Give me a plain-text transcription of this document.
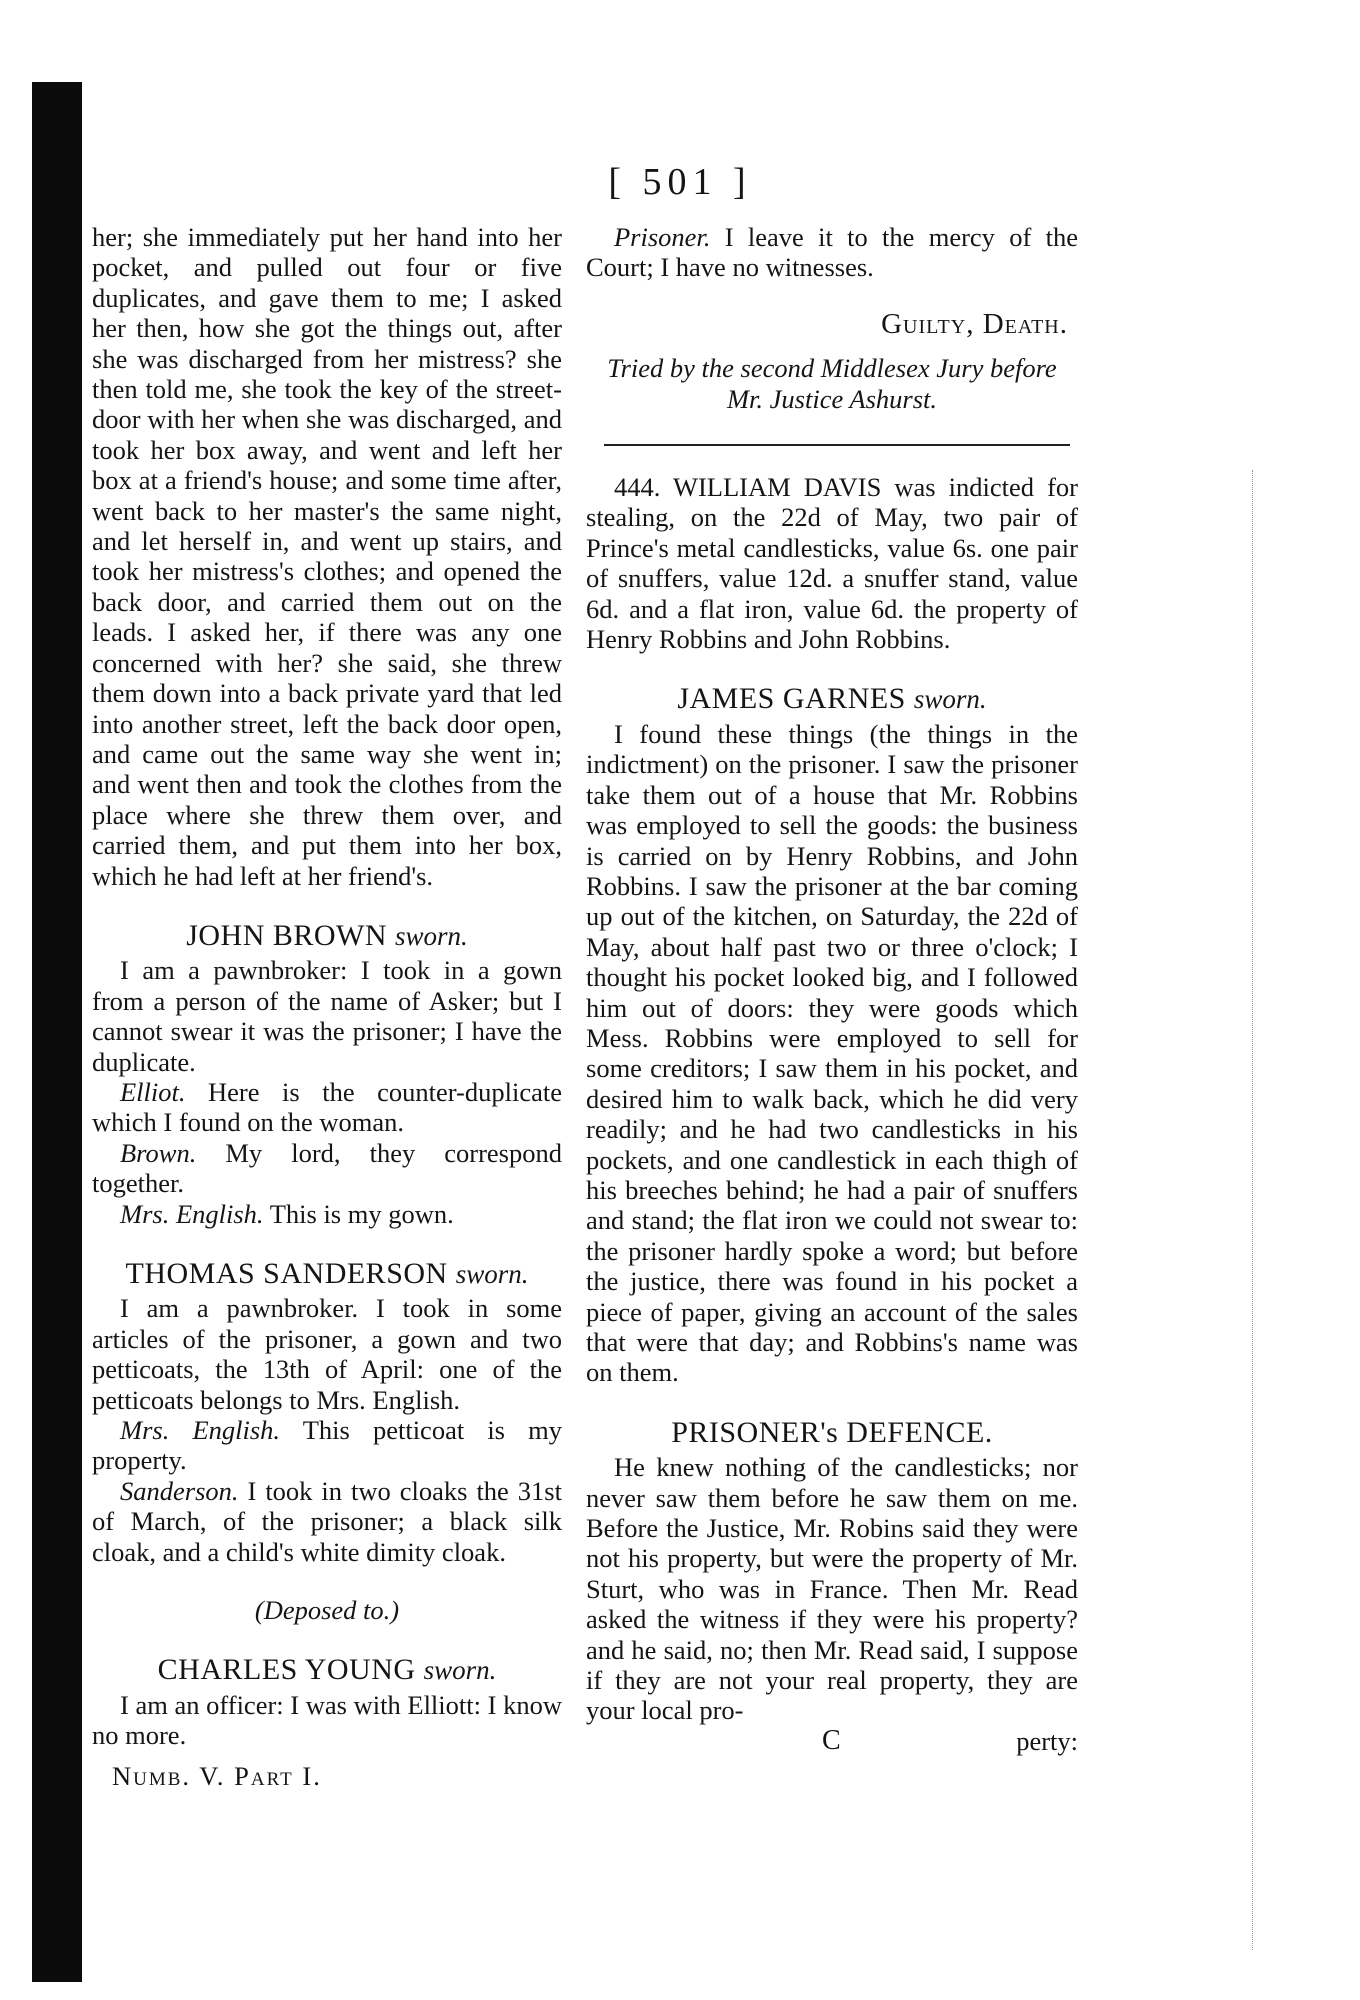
[ 501 ]

her; she immediately put her hand into her pocket, and pulled out four or five duplicates, and gave them to me; I asked her then, how she got the things out, after she was discharged from her mistress? she then told me, she took the key of the street-door with her when she was discharged, and took her box away, and went and left her box at a friend's house; and some time after, went back to her master's the same night, and let herself in, and went up stairs, and took her mistress's clothes; and opened the back door, and carried them out on the leads. I asked her, if there was any one concerned with her? she said, she threw them down into a back private yard that led into another street, left the back door open, and came out the same way she went in; and went then and took the clothes from the place where she threw them over, and carried them, and put them into her box, which he had left at her friend's.

JOHN BROWN sworn.

I am a pawnbroker: I took in a gown from a person of the name of Asker; but I cannot swear it was the prisoner; I have the duplicate.

Elliot. Here is the counter-duplicate which I found on the woman.

Brown. My lord, they correspond together.

Mrs. English. This is my gown.

THOMAS SANDERSON sworn.

I am a pawnbroker. I took in some articles of the prisoner, a gown and two petticoats, the 13th of April: one of the petticoats belongs to Mrs. English.

Mrs. English. This petticoat is my property.

Sanderson. I took in two cloaks the 31st of March, of the prisoner; a black silk cloak, and a child's white dimity cloak.

(Deposed to.)
CHARLES YOUNG sworn.

I am an officer: I was with Elliott: I know no more.

Numb. V. Part I.

Prisoner. I leave it to the mercy of the Court; I have no witnesses.

Guilty, Death.
Tried by the second Middlesex Jury before
Mr. Justice Ashurst.

444. WILLIAM DAVIS was indicted for stealing, on the 22d of May, two pair of Prince's metal candlesticks, value 6s. one pair of snuffers, value 12d. a snuffer stand, value 6d. and a flat iron, value 6d. the property of Henry Robbins and John Robbins.

JAMES GARNES sworn.

I found these things (the things in the indictment) on the prisoner. I saw the prisoner take them out of a house that Mr. Robbins was employed to sell the goods: the business is carried on by Henry Robbins, and John Robbins. I saw the prisoner at the bar coming up out of the kitchen, on Saturday, the 22d of May, about half past two or three o'clock; I thought his pocket looked big, and I followed him out of doors: they were goods which Mess. Robbins were employed to sell for some creditors; I saw them in his pocket, and desired him to walk back, which he did very readily; and he had two candlesticks in his pockets, and one candlestick in each thigh of his breeches behind; he had a pair of snuffers and stand; the flat iron we could not swear to: the prisoner hardly spoke a word; but before the justice, there was found in his pocket a piece of paper, giving an account of the sales that were that day; and Robbins's name was on them.

PRISONER's DEFENCE.

He knew nothing of the candlesticks; nor never saw them before he saw them on me. Before the Justice, Mr. Robins said they were not his property, but were the property of Mr. Sturt, who was in France. Then Mr. Read asked the witness if they were his property? and he said, no; then Mr. Read said, I suppose if they are not your real property, they are your local pro-

C	perty:
